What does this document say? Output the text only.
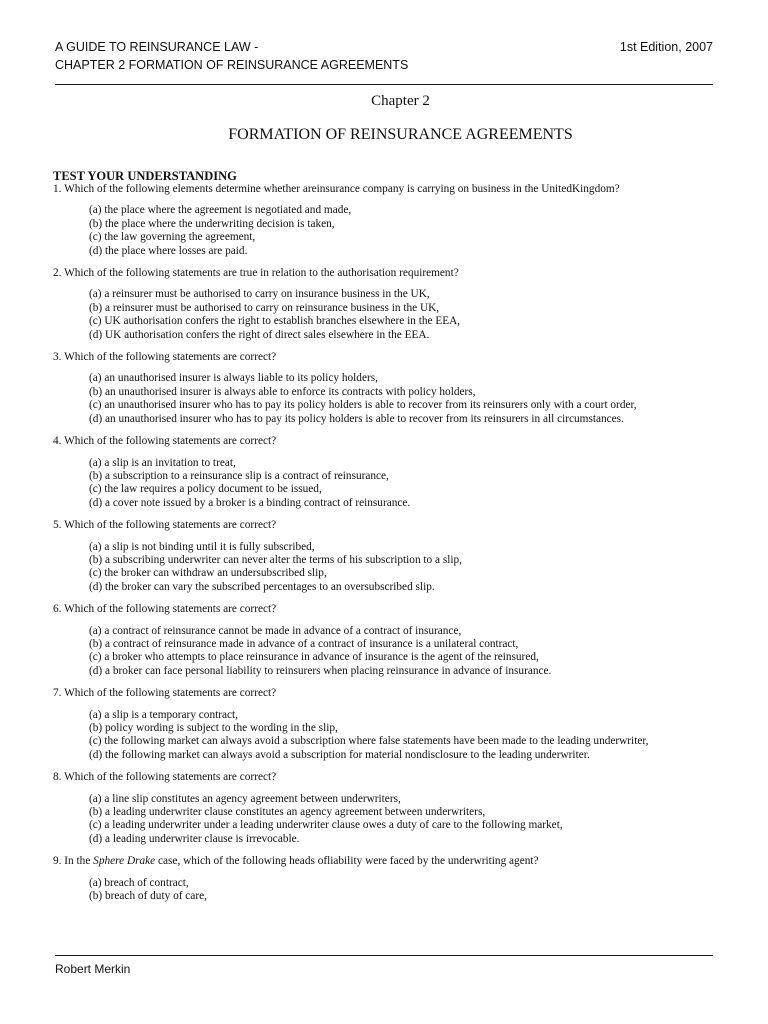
A GUIDE TO REINSURANCE LAW -	1st Edition, 2007
CHAPTER 2 FORMATION OF REINSURANCE AGREEMENTS
Chapter 2
FORMATION OF REINSURANCE AGREEMENTS
TEST YOUR UNDERSTANDING
1. Which of the following elements determine whether areinsurance company is carrying on business in the UnitedKingdom?
(a) the place where the agreement is negotiated and made,
(b) the place where the underwriting decision is taken,
(c) the law governing the agreement,
(d) the place where losses are paid.
2. Which of the following statements are true in relation to the authorisation requirement?
(a) a reinsurer must be authorised to carry on insurance business in the UK,
(b) a reinsurer must be authorised to carry on reinsurance business in the UK,
(c) UK authorisation confers the right to establish branches elsewhere in the EEA,
(d) UK authorisation confers the right of direct sales elsewhere in the EEA.
3. Which of the following statements are correct?
(a) an unauthorised insurer is always liable to its policy holders,
(b) an unauthorised insurer is always able to enforce its contracts with policy holders,
(c) an unauthorised insurer who has to pay its policy holders is able to recover from its reinsurers only with a court order,
(d) an unauthorised insurer who has to pay its policy holders is able to recover from its reinsurers in all circumstances.
4. Which of the following statements are correct?
(a) a slip is an invitation to treat,
(b) a subscription to a reinsurance slip is a contract of reinsurance,
(c) the law requires a policy document to be issued,
(d) a cover note issued by a broker is a binding contract of reinsurance.
5. Which of the following statements are correct?
(a) a slip is not binding until it is fully subscribed,
(b) a subscribing underwriter can never alter the terms of his subscription to a slip,
(c) the broker can withdraw an undersubscribed slip,
(d) the broker can vary the subscribed percentages to an oversubscribed slip.
6. Which of the following statements are correct?
(a) a contract of reinsurance cannot be made in advance of a contract of insurance,
(b) a contract of reinsurance made in advance of a contract of insurance is a unilateral contract,
(c) a broker who attempts to place reinsurance in advance of insurance is the agent of the reinsured,
(d) a broker can face personal liability to reinsurers when placing reinsurance in advance of insurance.
7. Which of the following statements are correct?
(a) a slip is a temporary contract,
(b) policy wording is subject to the wording in the slip,
(c) the following market can always avoid a subscription where false statements have been made to the leading underwriter,
(d) the following market can always avoid a subscription for material nondisclosure to the leading underwriter.
8. Which of the following statements are correct?
(a) a line slip constitutes an agency agreement between underwriters,
(b) a leading underwriter clause constitutes an agency agreement between underwriters,
(c) a leading underwriter under a leading underwriter clause owes a duty of care to the following market,
(d) a leading underwriter clause is irrevocable.
9. In the Sphere Drake case, which of the following heads ofliability were faced by the underwriting agent?
(a) breach of contract,
(b) breach of duty of care,
Robert Merkin
